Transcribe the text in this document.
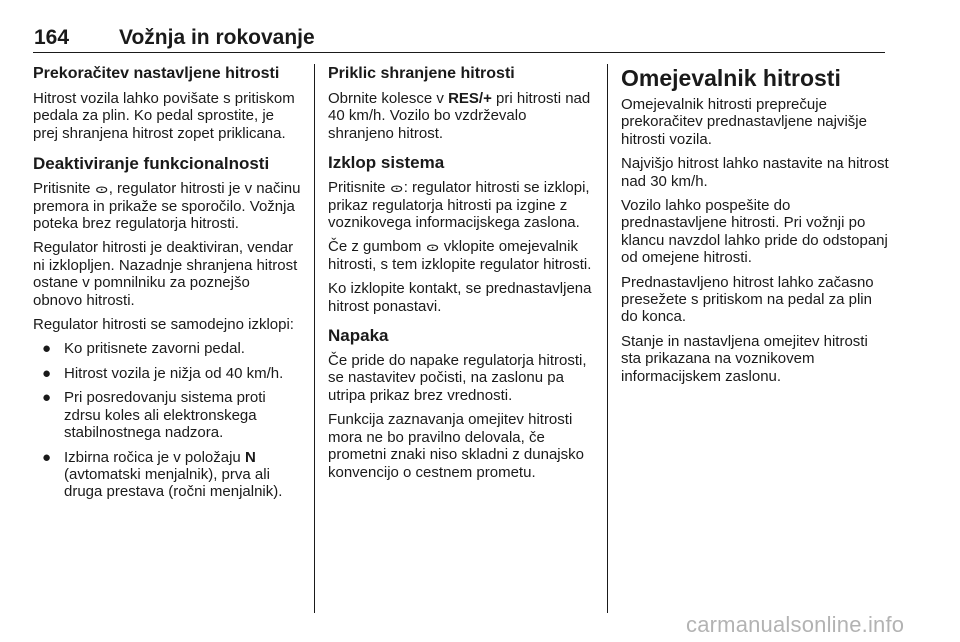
164 Vožnja in rokovanje
Prekoračitev nastavljene hitrosti

Hitrost vozila lahko povišate s pritiskom pedala za plin. Ko pedal sprostite, je prej shranjena hitrost zopet priklicana.

Deaktiviranje funkcionalnosti

Pritisnite ᯣ, regulator hitrosti je v načinu premora in prikaže se sporočilo. Vožnja poteka brez regulatorja hitrosti.

Regulator hitrosti je deaktiviran, vendar ni izklopljen. Nazadnje shranjena hitrost ostane v pomnilniku za poznejšo obnovo hitrosti.

Regulator hitrosti se samodejno izklopi:

● Ko pritisnete zavorni pedal.
● Hitrost vozila je nižja od 40 km/h.
● Pri posredovanju sistema proti zdrsu koles ali elektronskega stabilnostnega nadzora.
● Izbirna ročica je v položaju N (avtomatski menjalnik), prva ali druga prestava (ročni menjalnik).
Priklic shranjene hitrosti

Obrnite kolesce v RES/+ pri hitrosti nad 40 km/h. Vozilo bo vzdrževalo shranjeno hitrost.

Izklop sistema

Pritisnite ᯣ: regulator hitrosti se izklopi, prikaz regulatorja hitrosti pa izgine z voznikovega informacijskega zaslona.

Če z gumbom ᯣ vklopite omejevalnik hitrosti, s tem izklopite regulator hitrosti.

Ko izklopite kontakt, se prednastavljena hitrost ponastavi.

Napaka

Če pride do napake regulatorja hitrosti, se nastavitev počisti, na zaslonu pa utripa prikaz brez vrednosti.

Funkcija zaznavanja omejitev hitrosti mora ne bo pravilno delovala, če prometni znaki niso skladni z dunajsko konvencijo o cestnem prometu.

Omejevalnik hitrosti

Omejevalnik hitrosti preprečuje prekoračitev prednastavljene najvišje hitrosti vozila.

Najvišjo hitrost lahko nastavite na hitrost nad 30 km/h.

Vozilo lahko pospešite do prednastavljene hitrosti. Pri vožnji po klancu navzdol lahko pride do odstopanj od omejene hitrosti.

Prednastavljeno hitrost lahko začasno presežete s pritiskom na pedal za plin do konca.

Stanje in nastavljena omejitev hitrosti sta prikazana na voznikovem informacijskem zaslonu.

carmanualsonline.info
